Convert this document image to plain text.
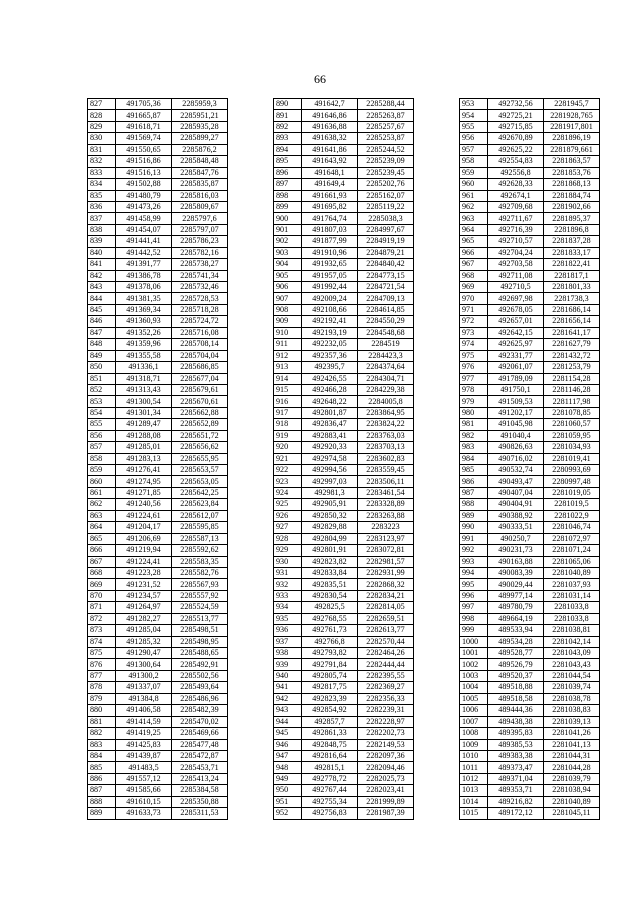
66
827	491705,36	2285959,3
828	491665,87	2285951,21
829	491618,71	2285935,28
830	491569,74	2285899,27
831	491550,65	2285876,2
832	491516,86	2285848,48
833	491516,13	2285847,76
834	491502,88	2285835,87
835	491480,79	2285816,03
836	491473,26	2285809,67
837	491458,99	2285797,6
838	491454,07	2285797,07
839	491441,41	2285786,23
840	491442,52	2285782,16
841	491391,77	2285738,27
842	491386,78	2285741,34
843	491378,06	2285732,46
844	491381,35	2285728,53
845	491369,34	2285718,28
846	491360,93	2285724,72
847	491352,26	2285716,08
848	491359,96	2285708,14
849	491355,58	2285704,04
850	491336,1	2285686,85
851	491318,71	2285677,04
852	491313,43	2285679,61
853	491300,54	2285670,61
854	491301,34	2285662,88
855	491289,47	2285652,89
856	491288,08	2285651,72
857	491285,01	2285656,62
858	491283,13	2285655,95
859	491276,41	2285653,57
860	491274,95	2285653,05
861	491271,85	2285642,25
862	491240,56	2285623,84
863	491224,61	2285612,07
864	491204,17	2285595,85
865	491206,69	2285587,13
866	491219,94	2285592,62
867	491224,41	2285583,35
868	491223,28	2285582,76
869	491231,52	2285567,93
870	491234,57	2285557,92
871	491264,97	2285524,59
872	491282,27	2285513,77
873	491285,04	2285498,51
874	491285,32	2285498,95
875	491290,47	2285488,65
876	491300,64	2285492,91
877	491300,2	2285502,56
878	491337,07	2285493,64
879	491384,8	2285486,96
880	491406,58	2285482,39
881	491414,59	2285470,02
882	491419,25	2285469,66
883	491425,83	2285477,48
884	491439,87	2285472,87
885	491483,5	2285453,71
886	491557,12	2285413,24
887	491585,66	2285384,58
888	491610,15	2285350,88
889	491633,73	2285311,53
890	491642,7	2285288,44
891	491646,86	2285263,87
892	491636,88	2285257,67
893	491638,32	2285253,87
894	491641,86	2285244,52
895	491643,92	2285239,09
896	491648,1	2285239,45
897	491649,4	2285202,76
898	491661,93	2285162,07
899	491695,82	2285119,22
900	491764,74	2285038,3
901	491807,03	2284997,67
902	491877,99	2284919,19
903	491910,96	2284879,21
904	491932,65	2284840,42
905	491957,05	2284773,15
906	491992,44	2284721,54
907	492009,24	2284709,13
908	492108,66	2284614,85
909	492192,41	2284550,29
910	492193,19	2284548,68
911	492232,05	2284519
912	492357,36	2284423,3
913	492395,7	2284374,64
914	492426,55	2284304,71
915	492466,28	2284229,38
916	492648,22	2284005,8
917	492801,87	2283864,95
918	492836,47	2283824,22
919	492883,41	2283763,03
920	492920,33	2283703,13
921	492974,58	2283602,83
922	492994,56	2283559,45
923	492997,03	2283506,11
924	492981,3	2283461,54
925	492905,91	2283328,89
926	492850,32	2283263,88
927	492829,88	2283223
928	492804,99	2283123,97
929	492801,91	2283072,81
930	492823,82	2282981,57
931	492833,84	2282931,99
932	492835,51	2282868,32
933	492830,54	2282834,21
934	492825,5	2282814,05
935	492768,55	2282659,51
936	492761,73	2282613,77
937	492766,8	2282570,44
938	492793,82	2282464,26
939	492791,84	2282444,44
940	492805,74	2282395,55
941	492817,75	2282369,27
942	492823,39	2282356,33
943	492854,92	2282239,31
944	492857,7	2282228,97
945	492861,33	2282202,73
946	492848,75	2282149,53
947	492816,64	2282097,36
948	492815,1	2282094,46
949	492778,72	2282025,73
950	492767,44	2282023,41
951	492755,34	2281999,89
952	492756,83	2281987,39
953	492732,56	2281945,7
954	492725,21	2281928,765
955	492715,85	2281917,801
956	492670,89	2281896,19
957	492625,22	2281879,661
958	492554,83	2281863,57
959	492556,8	2281853,76
960	492628,33	2281868,13
961	492674,1	2281884,74
962	492709,68	2281902,66
963	492711,67	2281895,37
964	492716,39	2281896,8
965	492710,57	2281837,28
966	492704,24	2281833,17
967	492703,58	2281822,41
968	492711,08	2281817,1
969	492710,5	2281801,33
970	492697,98	2281738,3
971	492678,05	2281686,14
972	492657,01	2281656,14
973	492642,15	2281641,17
974	492625,97	2281627,79
975	492331,77	2281432,72
976	492061,07	2281253,79
977	491789,09	2281154,28
978	491750,1	2281146,28
979	491509,53	2281117,98
980	491202,17	2281078,85
981	491045,98	2281060,57
982	491040,4	2281059,95
983	490826,63	2281034,93
984	490716,02	2281019,41
985	490532,74	2280993,69
986	490493,47	2280997,48
987	490407,04	2281019,05
988	490404,91	2281019,5
989	490388,92	2281022,9
990	490333,51	2281046,74
991	490250,7	2281072,97
992	490231,73	2281071,24
993	490163,88	2281065,06
994	490083,39	2281040,89
995	490029,44	2281037,93
996	489977,14	2281031,14
997	489780,79	2281033,8
998	489664,19	2281033,8
999	489533,94	2281038,81
1000	489534,28	2281042,14
1001	489528,77	2281043,09
1002	489526,79	2281043,43
1003	489520,37	2281044,54
1004	489518,88	2281039,74
1005	489518,58	2281038,78
1006	489444,36	2281038,83
1007	489438,38	2281039,13
1008	489395,83	2281041,26
1009	489385,53	2281041,13
1010	489383,38	2281044,31
1011	489373,47	2281044,28
1012	489371,04	2281039,79
1013	489353,71	2281038,94
1014	489216,82	2281040,89
1015	489172,12	2281045,11
